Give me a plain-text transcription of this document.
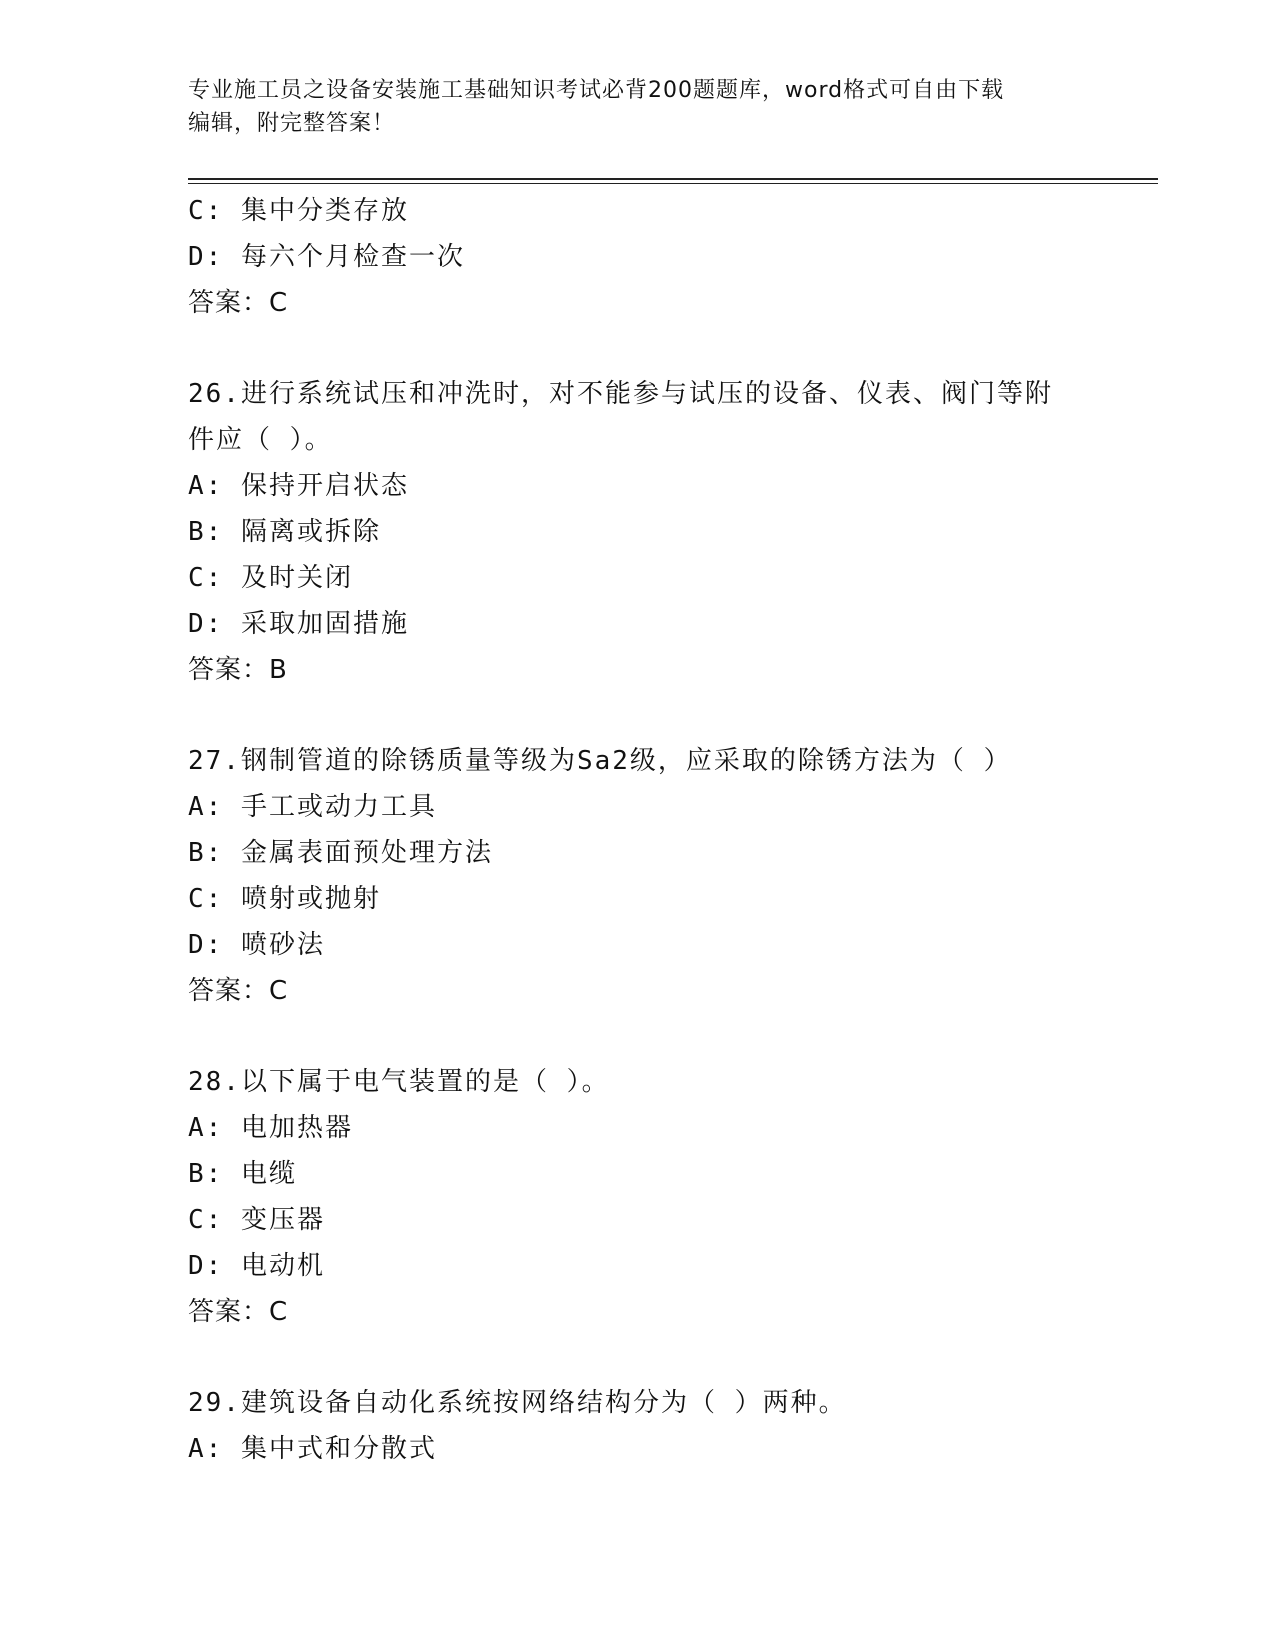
专业施工员之设备安装施工基础知识考试必背200题题库，word格式可自由下载
编辑，附完整答案！
C: 集中分类存放
D: 每六个月检查一次
答案：C
26.进行系统试压和冲洗时，对不能参与试压的设备、仪表、阀门等附
件应（ ）。
A: 保持开启状态
B: 隔离或拆除
C: 及时关闭
D: 采取加固措施
答案：B
27.钢制管道的除锈质量等级为Sa2级，应采取的除锈方法为（ ）
A: 手工或动力工具
B: 金属表面预处理方法
C: 喷射或抛射
D: 喷砂法
答案：C
28.以下属于电气装置的是（ ）。
A: 电加热器
B: 电缆
C: 变压器
D: 电动机
答案：C
29.建筑设备自动化系统按网络结构分为（ ）两种。
A: 集中式和分散式
